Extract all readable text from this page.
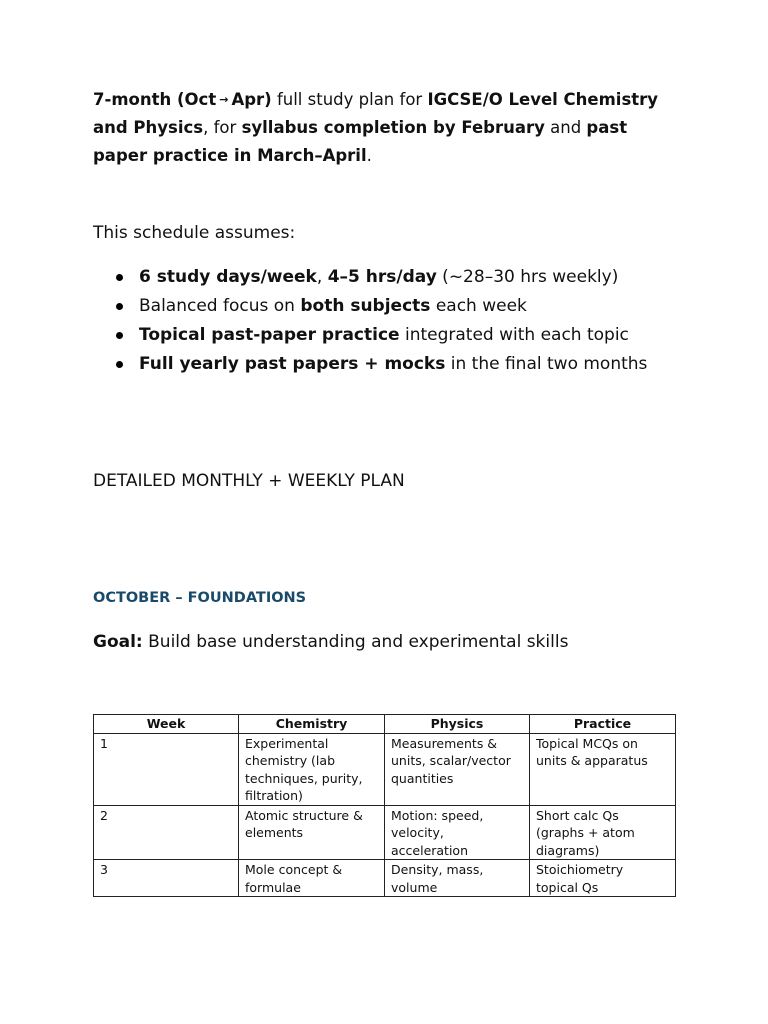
7-month (Oct → Apr) full study plan for IGCSE/O Level Chemistry and Physics, for syllabus completion by February and past paper practice in March–April.
This schedule assumes:
6 study days/week, 4–5 hrs/day (~28–30 hrs weekly)
Balanced focus on both subjects each week
Topical past-paper practice integrated with each topic
Full yearly past papers + mocks in the final two months
DETAILED MONTHLY + WEEKLY PLAN
OCTOBER – FOUNDATIONS
Goal: Build base understanding and experimental skills
Week	Chemistry	Physics	Practice
1	Experimental chemistry (lab techniques, purity, filtration)	Measurements & units, scalar/vector quantities	Topical MCQs on units & apparatus
2	Atomic structure & elements	Motion: speed, velocity, acceleration	Short calc Qs (graphs + atom diagrams)
3	Mole concept & formulae	Density, mass, volume	Stoichiometry topical Qs
